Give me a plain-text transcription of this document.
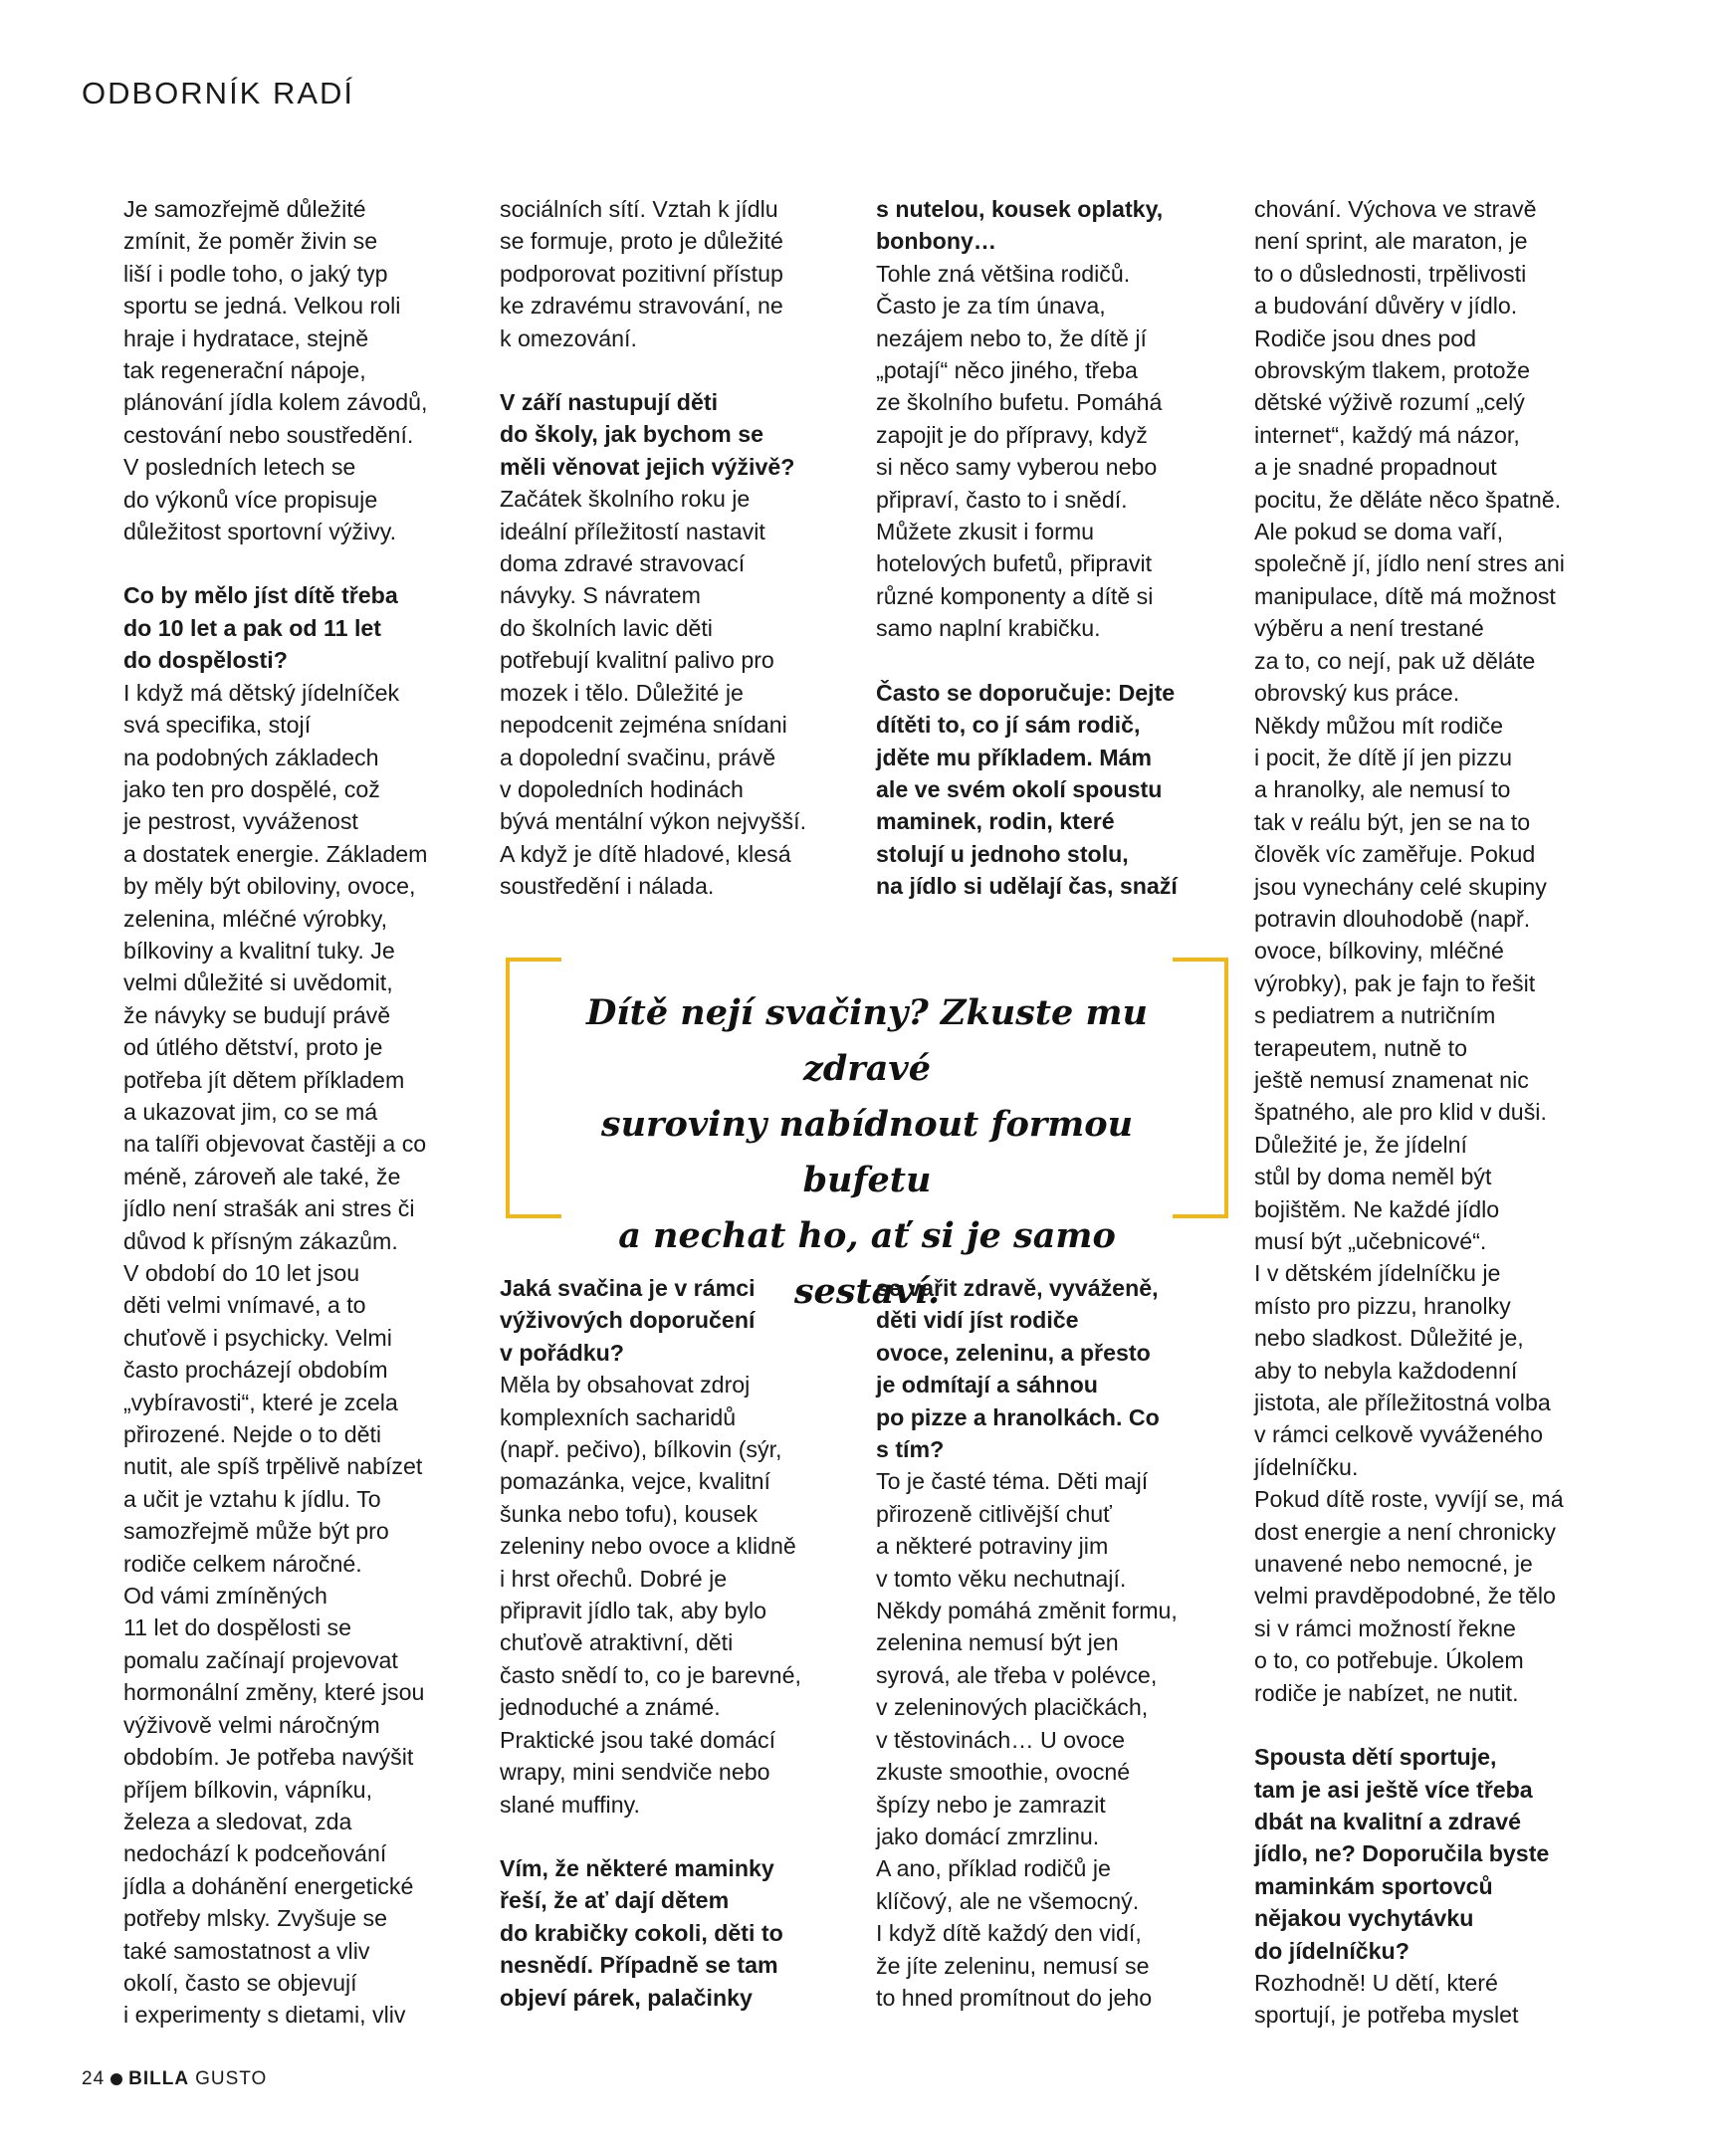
ODBORNÍK RADÍ
Je samozřejmě důležité
zmínit, že poměr živin se
liší i podle toho, o jaký typ
sportu se jedná. Velkou roli
hraje i hydratace, stejně
tak regenerační nápoje,
plánování jídla kolem závodů,
cestování nebo soustředění.
V posledních letech se
do výkonů více propisuje
důležitost sportovní výživy.
Co by mělo jíst dítě třeba
do 10 let a pak od 11 let
do dospělosti?
I když má dětský jídelníček
svá specifika, stojí
na podobných základech
jako ten pro dospělé, což
je pestrost, vyváženost
a dostatek energie. Základem
by měly být obiloviny, ovoce,
zelenina, mléčné výrobky,
bílkoviny a kvalitní tuky. Je
velmi důležité si uvědomit,
že návyky se budují právě
od útlého dětství, proto je
potřeba jít dětem příkladem
a ukazovat jim, co se má
na talíři objevovat častěji a co
méně, zároveň ale také, že
jídlo není strašák ani stres či
důvod k přísným zákazům.
V období do 10 let jsou
děti velmi vnímavé, a to
chuťově i psychicky. Velmi
často procházejí obdobím
„vybíravosti“, které je zcela
přirozené. Nejde o to děti
nutit, ale spíš trpělivě nabízet
a učit je vztahu k jídlu. To
samozřejmě může být pro
rodiče celkem náročné.
Od vámi zmíněných
11 let do dospělosti se
pomalu začínají projevovat
hormonální změny, které jsou
výživově velmi náročným
obdobím. Je potřeba navýšit
příjem bílkovin, vápníku,
železa a sledovat, zda
nedochází k podceňování
jídla a dohánění energetické
potřeby mlsky. Zvyšuje se
také samostatnost a vliv
okolí, často se objevují
i experimenty s dietami, vliv
sociálních sítí. Vztah k jídlu
se formuje, proto je důležité
podporovat pozitivní přístup
ke zdravému stravování, ne
k omezování.
V září nastupují děti
do školy, jak bychom se
měli věnovat jejich výživě?
Začátek školního roku je
ideální příležitostí nastavit
doma zdravé stravovací
návyky. S návratem
do školních lavic děti
potřebují kvalitní palivo pro
mozek i tělo. Důležité je
nepodcenit zejména snídani
a dopolední svačinu, právě
v dopoledních hodinách
bývá mentální výkon nejvyšší.
A když je dítě hladové, klesá
soustředění i nálada.
s nutelou, kousek oplatky,
bonbony…
Tohle zná většina rodičů.
Často je za tím únava,
nezájem nebo to, že dítě jí
„potají“ něco jiného, třeba
ze školního bufetu. Pomáhá
zapojit je do přípravy, když
si něco samy vyberou nebo
připraví, často to i snědí.
Můžete zkusit i formu
hotelových bufetů, připravit
různé komponenty a dítě si
samo naplní krabičku.
Často se doporučuje: Dejte
dítěti to, co jí sám rodič,
jděte mu příkladem. Mám
ale ve svém okolí spoustu
maminek, rodin, které
stolují u jednoho stolu,
na jídlo si udělají čas, snaží
chování. Výchova ve stravě
není sprint, ale maraton, je
to o důslednosti, trpělivosti
a budování důvěry v jídlo.
Rodiče jsou dnes pod
obrovským tlakem, protože
dětské výživě rozumí „celý
internet“, každý má názor,
a je snadné propadnout
pocitu, že děláte něco špatně.
Ale pokud se doma vaří,
společně jí, jídlo není stres ani
manipulace, dítě má možnost
výběru a není trestané
za to, co nejí, pak už děláte
obrovský kus práce.
Někdy můžou mít rodiče
i pocit, že dítě jí jen pizzu
a hranolky, ale nemusí to
tak v reálu být, jen se na to
člověk víc zaměřuje. Pokud
jsou vynechány celé skupiny
potravin dlouhodobě (např.
ovoce, bílkoviny, mléčné
výrobky), pak je fajn to řešit
s pediatrem a nutričním
terapeutem, nutně to
ještě nemusí znamenat nic
špatného, ale pro klid v duši.
Důležité je, že jídelní
stůl by doma neměl být
bojištěm. Ne každé jídlo
musí být „učebnicové“.
I v dětském jídelníčku je
místo pro pizzu, hranolky
nebo sladkost. Důležité je,
aby to nebyla každodenní
jistota, ale příležitostná volba
v rámci celkově vyváženého
jídelníčku.
Pokud dítě roste, vyvíjí se, má
dost energie a není chronicky
unavené nebo nemocné, je
velmi pravděpodobné, že tělo
si v rámci možností řekne
o to, co potřebuje. Úkolem
rodiče je nabízet, ne nutit.
Spousta dětí sportuje,
tam je asi ještě více třeba
dbát na kvalitní a zdravé
jídlo, ne? Doporučila byste
maminkám sportovců
nějakou vychytávku
do jídelníčku?
Rozhodně! U dětí, které
sportují, je potřeba myslet
Dítě nejí svačiny? Zkuste mu zdravé
suroviny nabídnout formou bufetu
a nechat ho, ať si je samo sestaví.
Jaká svačina je v rámci
výživových doporučení
v pořádku?
Měla by obsahovat zdroj
komplexních sacharidů
(např. pečivo), bílkovin (sýr,
pomazánka, vejce, kvalitní
šunka nebo tofu), kousek
zeleniny nebo ovoce a klidně
i hrst ořechů. Dobré je
připravit jídlo tak, aby bylo
chuťově atraktivní, děti
často snědí to, co je barevné,
jednoduché a známé.
Praktické jsou také domácí
wrapy, mini sendviče nebo
slané muffiny.
Vím, že některé maminky
řeší, že ať dají dětem
do krabičky cokoli, děti to
nesnědí. Případně se tam
objeví párek, palačinky
se vařit zdravě, vyváženě,
děti vidí jíst rodiče
ovoce, zeleninu, a přesto
je odmítají a sáhnou
po pizze a hranolkách. Co
s tím?
To je časté téma. Děti mají
přirozeně citlivější chuť
a některé potraviny jim
v tomto věku nechutnají.
Někdy pomáhá změnit formu,
zelenina nemusí být jen
syrová, ale třeba v polévce,
v zeleninových placičkách,
v těstovinách… U ovoce
zkuste smoothie, ovocné
špízy nebo je zamrazit
jako domácí zmrzlinu.
A ano, příklad rodičů je
klíčový, ale ne všemocný.
I když dítě každý den vidí,
že jíte zeleninu, nemusí se
to hned promítnout do jeho
24 BILLA GUSTO
